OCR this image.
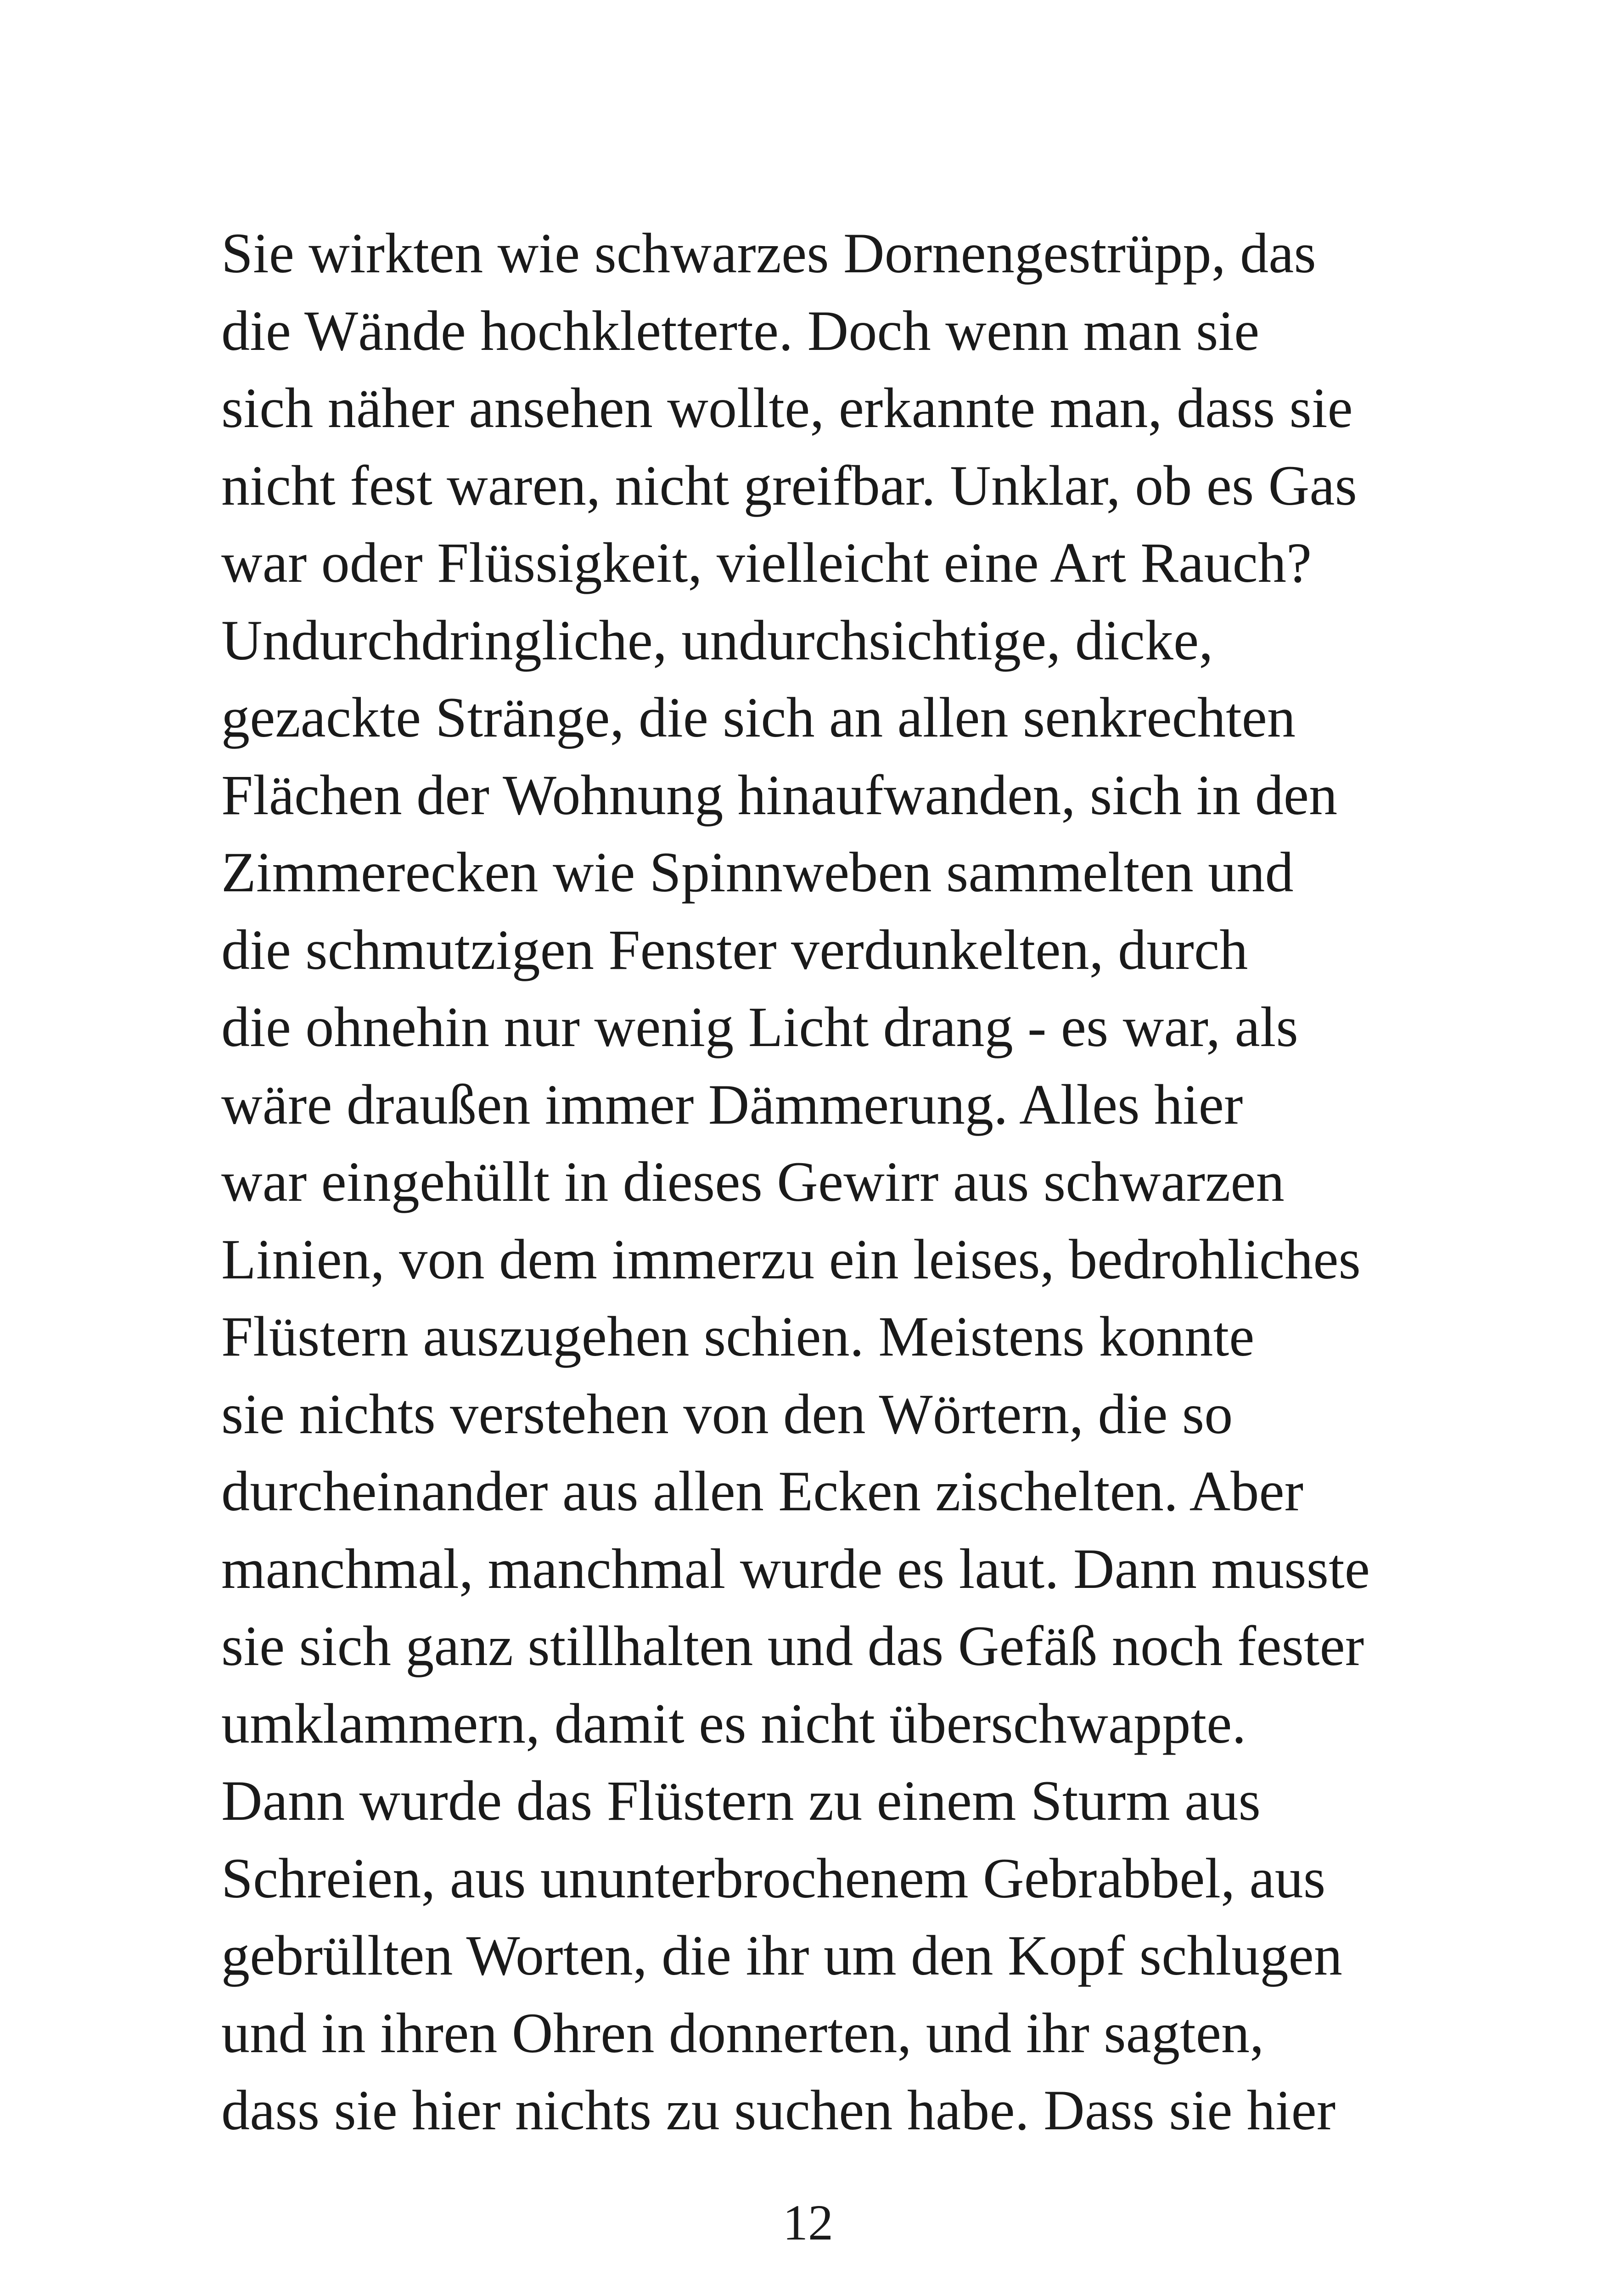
Sie wirkten wie schwarzes Dornengestrüpp, das
die Wände hochkletterte. Doch wenn man sie
sich näher ansehen wollte, erkannte man, dass sie
nicht fest waren, nicht greifbar. Unklar, ob es Gas
war oder Flüssigkeit, vielleicht eine Art Rauch?
Undurchdringliche, undurchsichtige, dicke,
gezackte Stränge, die sich an allen senkrechten
Flächen der Wohnung hinaufwanden, sich in den
Zimmerecken wie Spinnweben sammelten und
die schmutzigen Fenster verdunkelten, durch
die ohnehin nur wenig Licht drang - es war, als
wäre draußen immer Dämmerung. Alles hier
war eingehüllt in dieses Gewirr aus schwarzen
Linien, von dem immerzu ein leises, bedrohliches
Flüstern auszugehen schien. Meistens konnte
sie nichts verstehen von den Wörtern, die so
durcheinander aus allen Ecken zischelten. Aber
manchmal, manchmal wurde es laut. Dann musste
sie sich ganz stillhalten und das Gefäß noch fester
umklammern, damit es nicht überschwappte.
Dann wurde das Flüstern zu einem Sturm aus
Schreien, aus ununterbrochenem Gebrabbel, aus
gebrüllten Worten, die ihr um den Kopf schlugen
und in ihren Ohren donnerten, und ihr sagten,
dass sie hier nichts zu suchen habe. Dass sie hier
12
